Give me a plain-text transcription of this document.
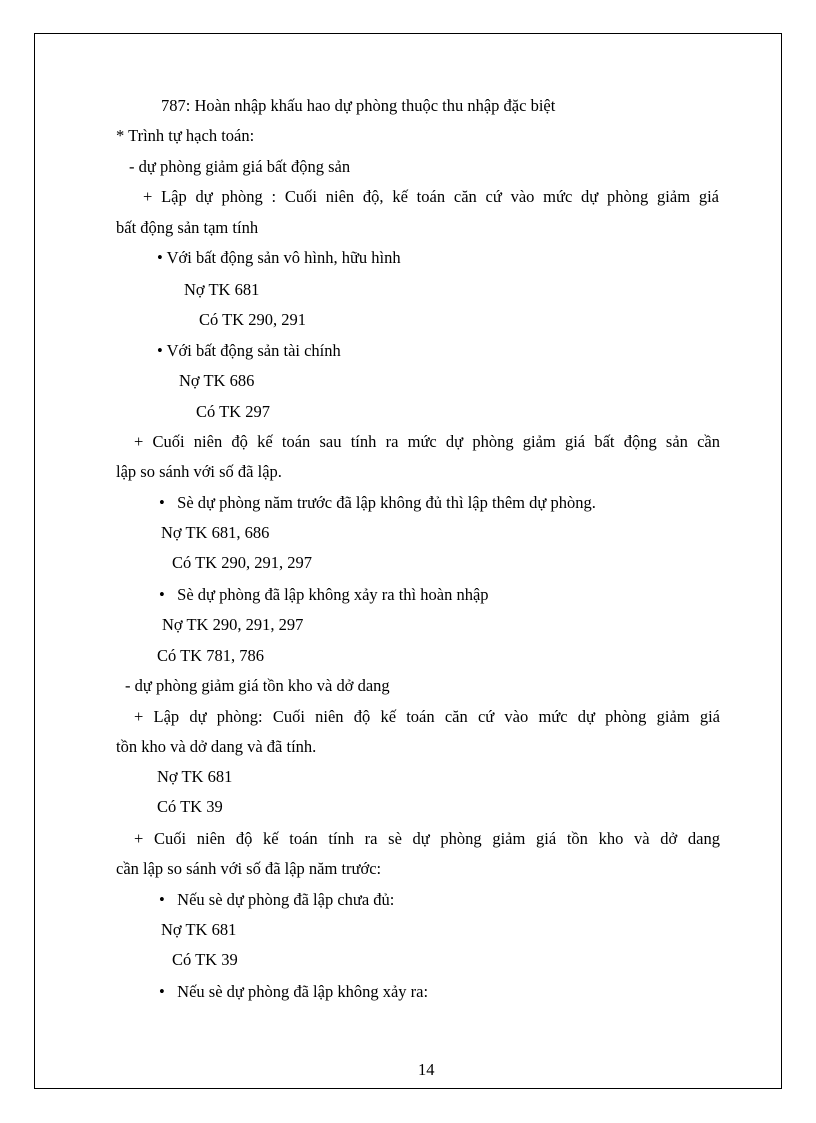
787: Hoàn nhập khấu hao dự phòng thuộc thu nhập đặc biệt
* Trình tự hạch toán:
- dự phòng giảm giá bất động sản
+ Lập dự phòng : Cuối niên độ, kế toán căn cứ vào mức dự phòng giảm giá
bất động sản tạm tính
• Với bất động sản vô hình, hữu hình
Nợ TK 681
Có TK 290, 291
• Với bất động sản tài chính
Nợ TK 686
Có TK 297
+ Cuối niên độ kế toán sau tính ra mức dự phòng giảm giá bất động sản cần
lập so sánh với số đã lập.
• Sè dự phòng năm trước đã lập không đủ thì lập thêm dự phòng.
Nợ TK 681, 686
Có TK 290, 291, 297
• Sè dự phòng đã lập không xảy ra thì hoàn nhập
Nợ TK 290, 291, 297
Có TK 781, 786
- dự phòng giảm giá tồn kho và dở dang
+ Lập dự phòng: Cuối niên độ kế toán căn cứ vào mức dự phòng giảm giá
tồn kho và dở dang và đã tính.
Nợ TK 681
Có TK 39
+ Cuối niên độ kế toán tính ra sè dự phòng giảm giá tồn kho và dở dang
cần lập so sánh với số đã lập năm trước:
• Nếu sè dự phòng đã lập chưa đủ:
Nợ TK 681
Có TK 39
• Nếu sè dự phòng đã lập không xảy ra:
14
